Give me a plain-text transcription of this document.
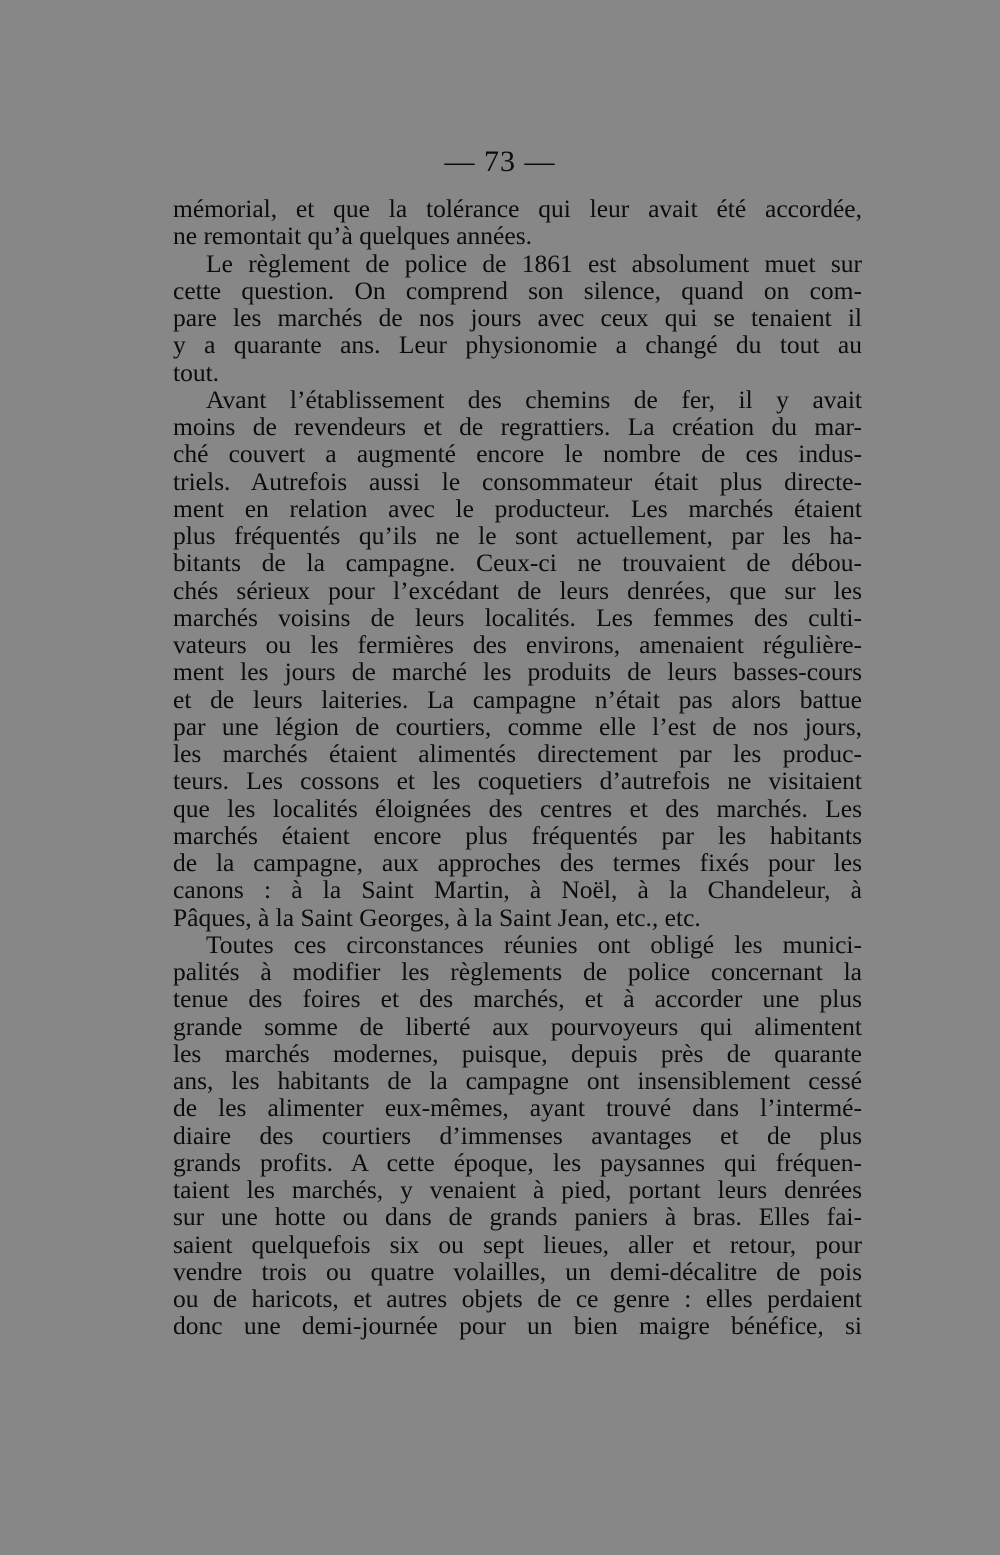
— 73 —
mémorial, et que la tolérance qui leur avait été accordée,
ne remontait qu’à quelques années.
Le règlement de police de 1861 est absolument muet sur
cette question. On comprend son silence, quand on com-
pare les marchés de nos jours avec ceux qui se tenaient il
y a quarante ans. Leur physionomie a changé du tout au
tout.
Avant l’établissement des chemins de fer, il y avait
moins de revendeurs et de regrattiers. La création du mar-
ché couvert a augmenté encore le nombre de ces indus-
triels. Autrefois aussi le consommateur était plus directe-
ment en relation avec le producteur. Les marchés étaient
plus fréquentés qu’ils ne le sont actuellement, par les ha-
bitants de la campagne. Ceux-ci ne trouvaient de débou-
chés sérieux pour l’excédant de leurs denrées, que sur les
marchés voisins de leurs localités. Les femmes des culti-
vateurs ou les fermières des environs, amenaient régulière-
ment les jours de marché les produits de leurs basses-cours
et de leurs laiteries. La campagne n’était pas alors battue
par une légion de courtiers, comme elle l’est de nos jours,
les marchés étaient alimentés directement par les produc-
teurs. Les cossons et les coquetiers d’autrefois ne visitaient
que les localités éloignées des centres et des marchés. Les
marchés étaient encore plus fréquentés par les habitants
de la campagne, aux approches des termes fixés pour les
canons : à la Saint Martin, à Noël, à la Chandeleur, à
Pâques, à la Saint Georges, à la Saint Jean, etc., etc.
Toutes ces circonstances réunies ont obligé les munici-
palités à modifier les règlements de police concernant la
tenue des foires et des marchés, et à accorder une plus
grande somme de liberté aux pourvoyeurs qui alimentent
les marchés modernes, puisque, depuis près de quarante
ans, les habitants de la campagne ont insensiblement cessé
de les alimenter eux-mêmes, ayant trouvé dans l’intermé-
diaire des courtiers d’immenses avantages et de plus
grands profits. A cette époque, les paysannes qui fréquen-
taient les marchés, y venaient à pied, portant leurs denrées
sur une hotte ou dans de grands paniers à bras. Elles fai-
saient quelquefois six ou sept lieues, aller et retour, pour
vendre trois ou quatre volailles, un demi-décalitre de pois
ou de haricots, et autres objets de ce genre : elles perdaient
donc une demi-journée pour un bien maigre bénéfice, si
